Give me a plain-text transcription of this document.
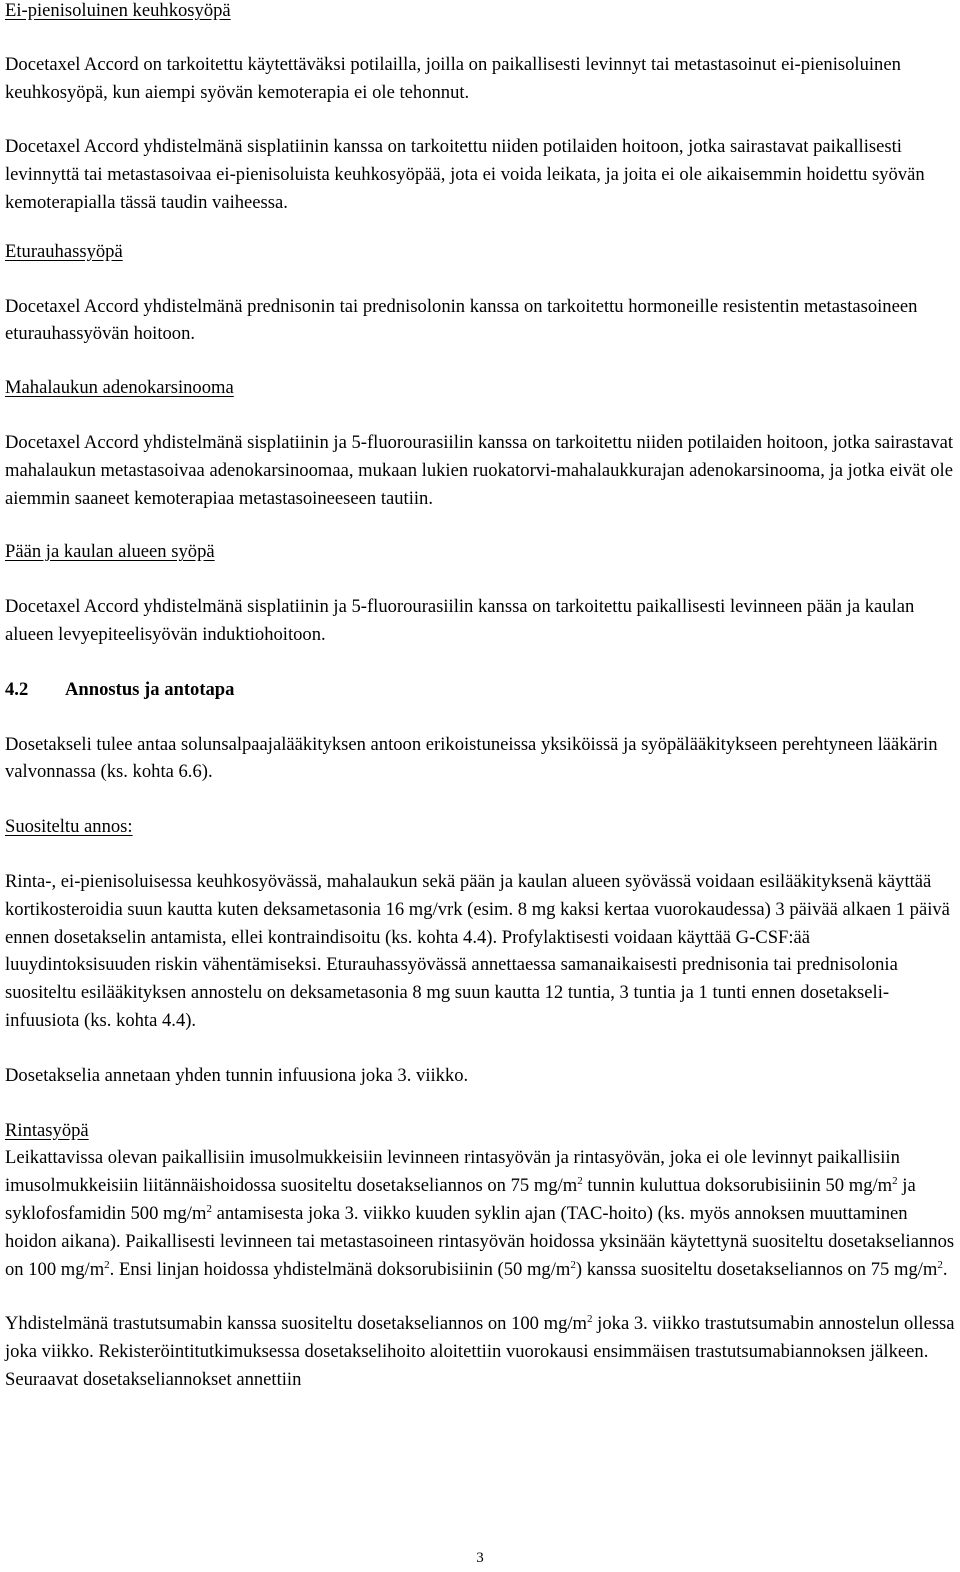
Ei-pienisoluinen keuhkosyöpä

Docetaxel Accord on tarkoitettu käytettäväksi potilailla, joilla on paikallisesti levinnyt tai metastasoinut ei-pienisoluinen keuhkosyöpä, kun aiempi syövän kemoterapia ei ole tehonnut.

Docetaxel Accord yhdistelmänä sisplatiinin kanssa on tarkoitettu niiden potilaiden hoitoon, jotka sairastavat paikallisesti levinnyttä tai metastasoivaa ei-pienisoluista keuhkosyöpää, jota ei voida leikata, ja joita ei ole aikaisemmin hoidettu syövän kemoterapialla tässä taudin vaiheessa.

Eturauhassyöpä

Docetaxel Accord yhdistelmänä prednisonin tai prednisolonin kanssa on tarkoitettu hormoneille resistentin metastasoineen eturauhassyövän hoitoon.

Mahalaukun adenokarsinooma

Docetaxel Accord yhdistelmänä sisplatiinin ja 5-fluorourasiilin kanssa on tarkoitettu niiden potilaiden hoitoon, jotka sairastavat mahalaukun metastasoivaa adenokarsinoomaa, mukaan lukien ruokatorvi-mahalaukkurajan adenokarsinooma, ja jotka eivät ole aiemmin saaneet kemoterapiaa metastasoineeseen tautiin.

Pään ja kaulan alueen syöpä

Docetaxel Accord yhdistelmänä sisplatiinin ja 5-fluorourasiilin kanssa on tarkoitettu paikallisesti levinneen pään ja kaulan alueen levyepiteelisyövän induktiohoitoon.

4.2 Annostus ja antotapa

Dosetakseli tulee antaa solunsalpaajalääkityksen antoon erikoistuneissa yksiköissä ja syöpälääkitykseen perehtyneen lääkärin valvonnassa (ks. kohta 6.6).

Suositeltu annos:

Rinta-, ei-pienisoluisessa keuhkosyövässä, mahalaukun sekä pään ja kaulan alueen syövässä voidaan esilääkityksenä käyttää kortikosteroidia suun kautta kuten deksametasonia 16 mg/vrk (esim. 8 mg kaksi kertaa vuorokaudessa) 3 päivää alkaen 1 päivä ennen dosetakselin antamista, ellei kontraindisoitu (ks. kohta 4.4). Profylaktisesti voidaan käyttää G-CSF:ää luuydintoksisuuden riskin vähentämiseksi. Eturauhassyövässä annettaessa samanaikaisesti prednisonia tai prednisolonia suositeltu esilääkityksen annostelu on deksametasonia 8 mg suun kautta 12 tuntia, 3 tuntia ja 1 tunti ennen dosetakseli-infuusiota (ks. kohta 4.4).

Dosetakselia annetaan yhden tunnin infuusiona joka 3. viikko.

Rintasyöpä

Leikattavissa olevan paikallisiin imusolmukkeisiin levinneen rintasyövän ja rintasyövän, joka ei ole levinnyt paikallisiin imusolmukkeisiin liitännäishoidossa suositeltu dosetakseliannos on 75 $mg/m^2$ tunnin kuluttua doksorubisiinin 50 $mg/m^2$ ja syklofosfamidin 500 $mg/m^2$ antamisesta joka 3. viikko kuuden syklin ajan (TAC-hoito) (ks. myös annoksen muuttaminen hoidon aikana). Paikallisesti levinneen tai metastasoineen rintasyövän hoidossa yksinään käytettynä suositeltu dosetakseliannos on 100 $mg/m^2$. Ensi linjan hoidossa yhdistelmänä doksorubisiinin (50 $mg/m^2$) kanssa suositeltu dosetakseliannos on 75 $mg/m^2$.

Yhdistelmänä trastutsumabin kanssa suositeltu dosetakseliannos on 100 $mg/m^2$ joka 3. viikko trastutsumabin annostelun ollessa joka viikko. Rekisteröintitutkimuksessa dosetakselihoito aloitettiin vuorokausi ensimmäisen trastutsumabiannoksen jälkeen. Seuraavat dosetakseliannokset annettiin

3
